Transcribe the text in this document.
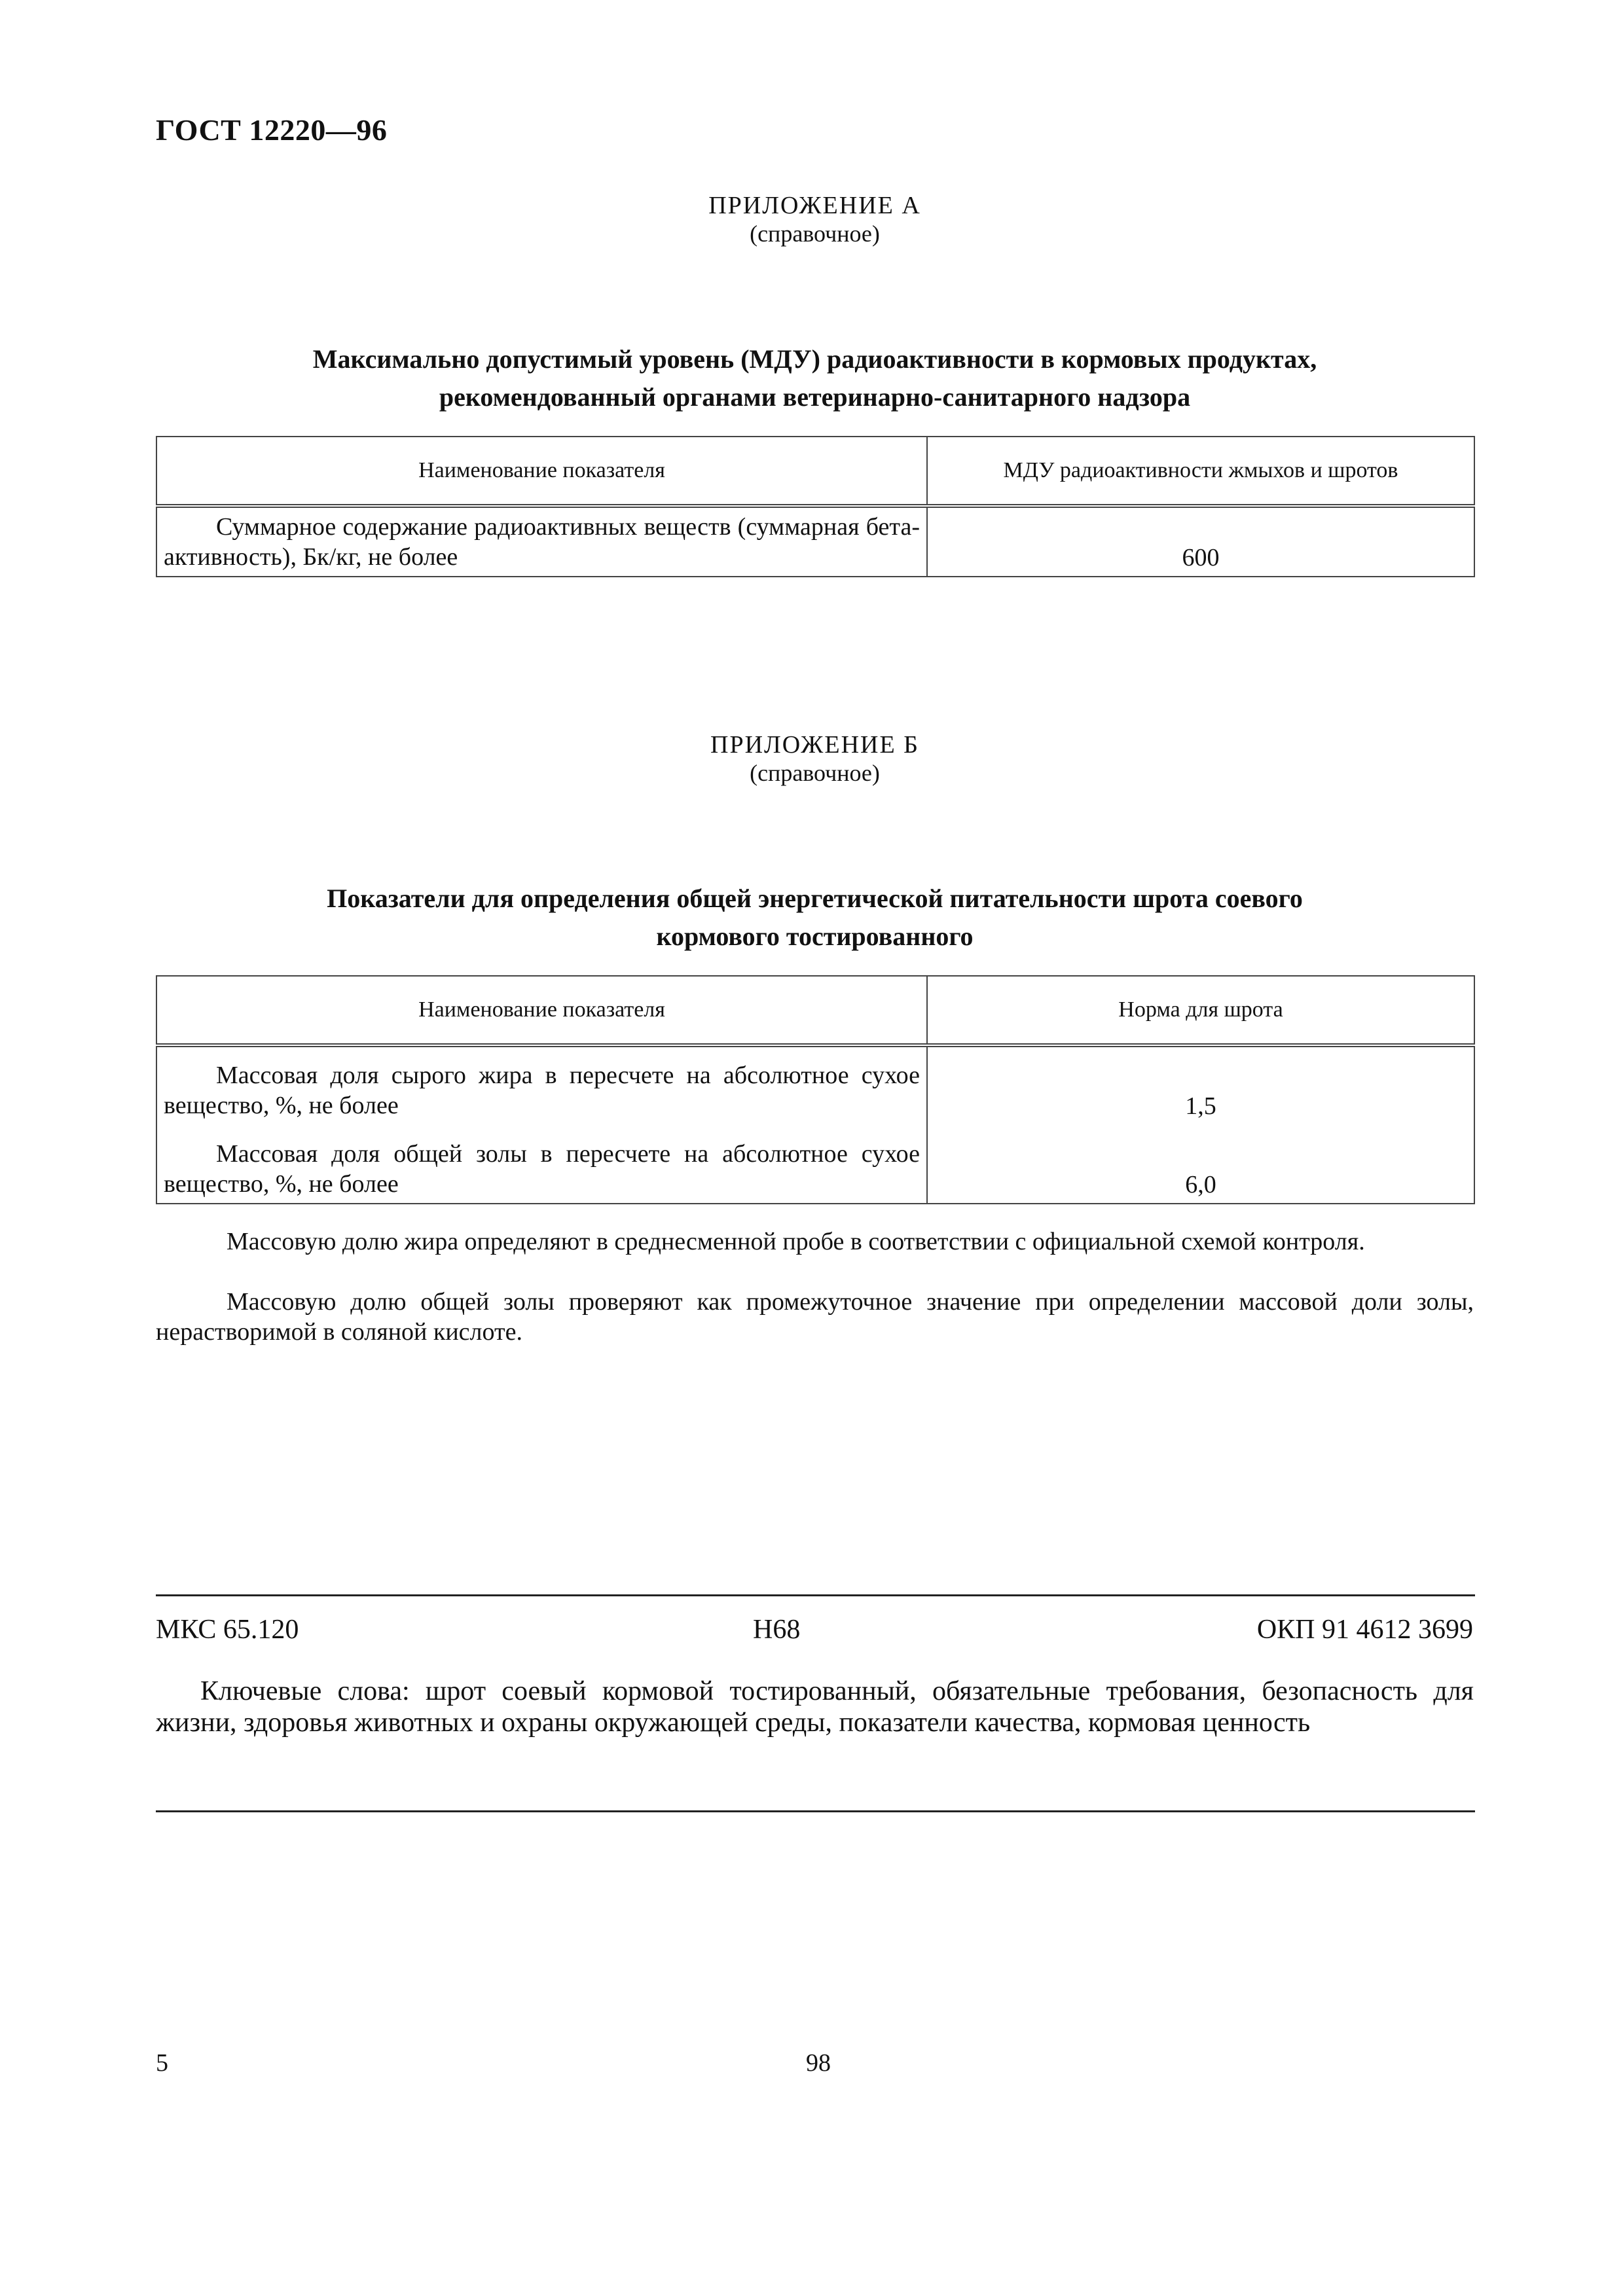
ГОСТ 12220—96
ПРИЛОЖЕНИЕ А
(справочное)
Максимально допустимый уровень (МДУ) радиоактивности в кормовых продуктах,
рекомендованный органами ветеринарно-санитарного надзора
Наименование показателя	МДУ радиоактивности жмыхов и шротов

Суммарное содержание радиоактивных веществ (суммарная бета-активность), Бк/кг, не более	600
ПРИЛОЖЕНИЕ Б
(справочное)
Показатели для определения общей энергетической питательности шрота соевого
кормового тостированного
Наименование показателя	Норма для шрота

Массовая доля сырого жира в пересчете на абсолютное сухое вещество, %, не более	1,5

Массовая доля общей золы в пересчете на абсолютное сухое вещество, %, не более	6,0
Массовую долю жира определяют в среднесменной пробе в соответствии с официальной схемой контроля.
Массовую долю общей золы проверяют как промежуточное значение при определении массовой доли золы, нерастворимой в соляной кислоте.
МКС 65.120	Н68	ОКП 91 4612 3699
Ключевые слова: шрот соевый кормовой тостированный, обязательные требования, безопасность для жизни, здоровья животных и охраны окружающей среды, показатели качества, кормовая ценность
5	98
